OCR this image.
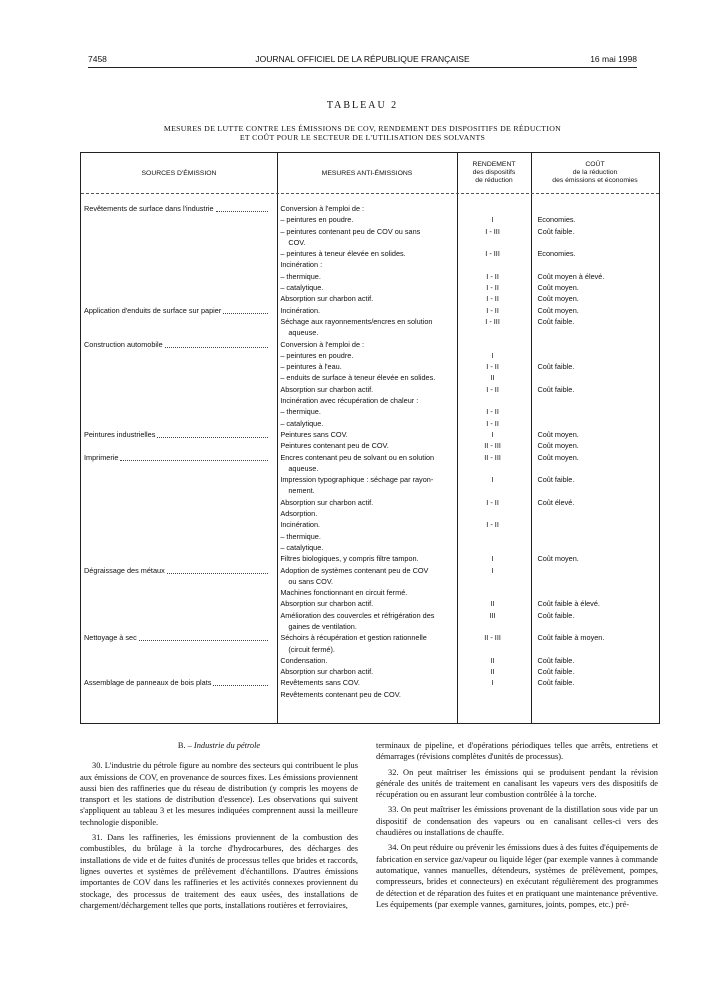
7458	JOURNAL OFFICIEL DE LA RÉPUBLIQUE FRANÇAISE	16 mai 1998
TABLEAU 2
MESURES DE LUTTE CONTRE LES ÉMISSIONS DE COV, RENDEMENT DES DISPOSITIFS DE RÉDUCTION
ET COÛT POUR LE SECTEUR DE L'UTILISATION DES SOLVANTS
SOURCES D'ÉMISSION	MESURES ANTI-ÉMISSIONS
RENDEMENT
des dispositifs
de réduction
COÛT
de la réduction
des émissions et économies
Revêtements de surface dans l'industrie	Conversion à l'emploi de :
– peintures en poudre.	I	Economies.
– peintures contenant peu de COV ou sans	I - III	Coût faible.
COV.
– peintures à teneur élevée en solides.	I - III	Economies.
Incinération :
– thermique.	I - II	Coût moyen à élevé.
– catalytique.	I - II	Coût moyen.
Absorption sur charbon actif.	I - II	Coût moyen.
Application d'enduits de surface sur papier	Incinération.	I - II	Coût moyen.
Séchage aux rayonnements/encres en solution	I - III	Coût faible.
aqueuse.
Construction automobile	Conversion à l'emploi de :
– peintures en poudre.	I
– peintures à l'eau.	I - II	Coût faible.
– enduits de surface à teneur élevée en solides.	II
Absorption sur charbon actif.	I - II	Coût faible.
Incinération avec récupération de chaleur :
– thermique.	I - II
– catalytique.	I - II
Peintures industrielles	Peintures sans COV.	I	Coût moyen.
Peintures contenant peu de COV.	II - III	Coût moyen.
Imprimerie	Encres contenant peu de solvant ou en solution	II - III	Coût moyen.
aqueuse.
Impression typographique : séchage par rayon-	I	Coût faible.
nement.
Absorption sur charbon actif.	I - II	Coût élevé.
Adsorption.
Incinération.	I - II
– thermique.
– catalytique.
Filtres biologiques, y compris filtre tampon.	I	Coût moyen.
Dégraissage des métaux	Adoption de systèmes contenant peu de COV	I
ou sans COV.
Machines fonctionnant en circuit fermé.
Absorption sur charbon actif.	II	Coût faible à élevé.
Amélioration des couvercles et réfrigération des	III	Coût faible.
gaines de ventilation.
Nettoyage à sec	Séchoirs à récupération et gestion rationnelle	II - III	Coût faible à moyen.
(circuit fermé).
Condensation.	II	Coût faible.
Absorption sur charbon actif.	II	Coût faible.
Assemblage de panneaux de bois plats	Revêtements sans COV.	I	Coût faible.
Revêtements contenant peu de COV.

B. – Industrie du pétrole

30. L'industrie du pétrole figure au nombre des secteurs qui contribuent le plus aux émissions de COV, en provenance de sources fixes. Les émissions proviennent aussi bien des raffineries que du réseau de distribution (y compris les moyens de transport et les stations de distribution d'essence). Les observations qui suivent s'appliquent au tableau 3 et les mesures indiquées comprennent aussi la meilleure technologie disponible.

31. Dans les raffineries, les émissions proviennent de la combustion des combustibles, du brûlage à la torche d'hydrocarbures, des décharges des installations de vide et de fuites d'unités de processus telles que brides et raccords, lignes ouvertes et systèmes de prélèvement d'échantillons. D'autres émissions importantes de COV dans les raffineries et les activités connexes proviennent du stockage, des processus de traitement des eaux usées, des installations de chargement/déchargement telles que ports, installations routières et ferroviaires,

terminaux de pipeline, et d'opérations périodiques telles que arrêts, entretiens et démarrages (révisions complètes d'unités de processus).

32. On peut maîtriser les émissions qui se produisent pendant la révision générale des unités de traitement en canalisant les vapeurs vers des dispositifs de récupération ou en assurant leur combustion contrôlée à la torche.

33. On peut maîtriser les émissions provenant de la distillation sous vide par un dispositif de condensation des vapeurs ou en canalisant celles-ci vers des chaudières ou installations de chauffe.

34. On peut réduire ou prévenir les émissions dues à des fuites d'équipements de fabrication en service gaz/vapeur ou liquide léger (par exemple vannes à commande automatique, vannes manuelles, détendeurs, systèmes de prélèvement, pompes, compresseurs, brides et connecteurs) en exécutant régulièrement des programmes de détection et de réparation des fuites et en pratiquant une maintenance préventive. Les équipements (par exemple vannes, garnitures, joints, pompes, etc.) pré-
